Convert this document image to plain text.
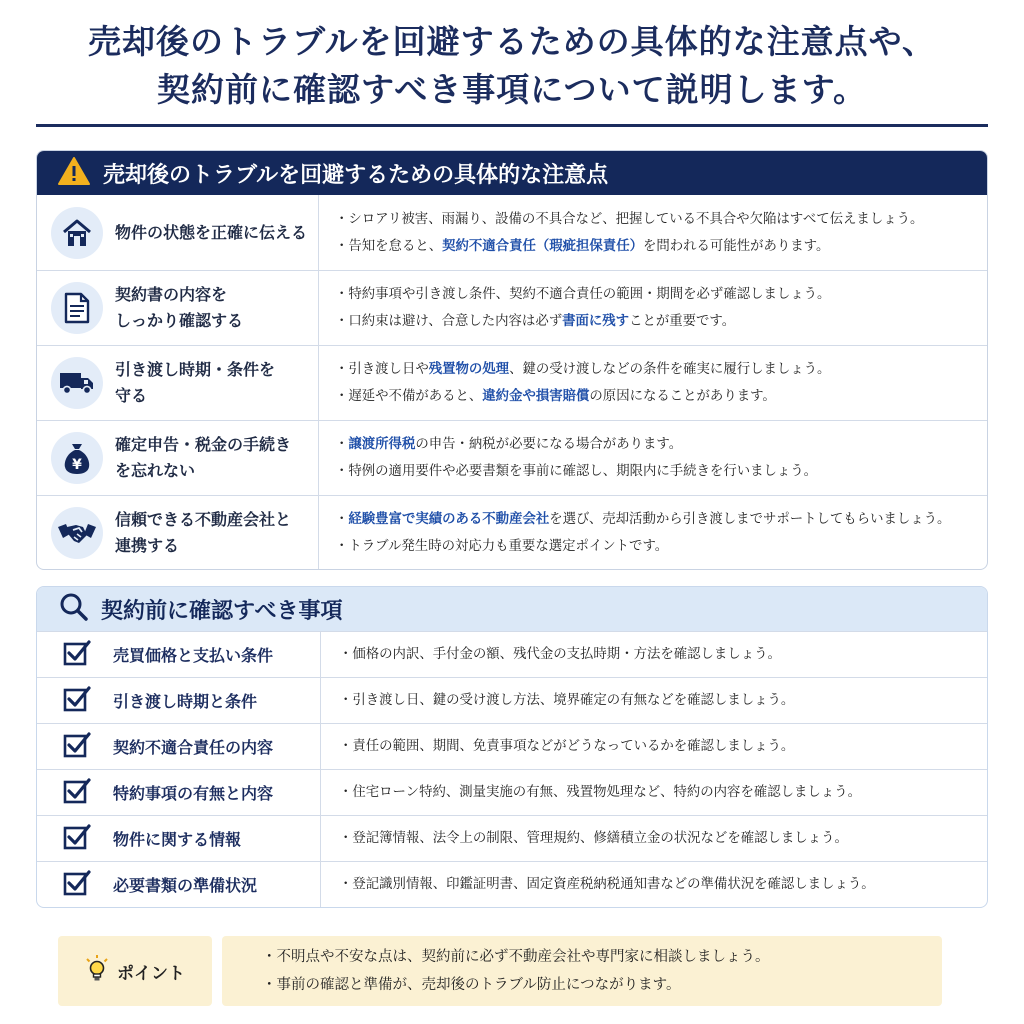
売却後のトラブルを回避するための具体的な注意点や、
契約前に確認すべき事項について説明します。
売却後のトラブルを回避するための具体的な注意点
物件の状態を正確に伝える
・シロアリ被害、雨漏り、設備の不具合など、把握している不具合や欠陥はすべて伝えましょう。
・告知を怠ると、契約不適合責任（瑕疵担保責任）を問われる可能性があります。
契約書の内容を
しっかり確認する
・特約事項や引き渡し条件、契約不適合責任の範囲・期間を必ず確認しましょう。
・口約束は避け、合意した内容は必ず書面に残すことが重要です。
引き渡し時期・条件を
守る
・引き渡し日や残置物の処理、鍵の受け渡しなどの条件を確実に履行しましょう。
・遅延や不備があると、違約金や損害賠償の原因になることがあります。
¥
確定申告・税金の手続き
を忘れない
・譲渡所得税の申告・納税が必要になる場合があります。
・特例の適用要件や必要書類を事前に確認し、期限内に手続きを行いましょう。
信頼できる不動産会社と
連携する
・経験豊富で実績のある不動産会社を選び、売却活動から引き渡しまでサポートしてもらいましょう。
・トラブル発生時の対応力も重要な選定ポイントです。
契約前に確認すべき事項
売買価格と支払い条件	・価格の内訳、手付金の額、残代金の支払時期・方法を確認しましょう。
引き渡し時期と条件	・引き渡し日、鍵の受け渡し方法、境界確定の有無などを確認しましょう。
契約不適合責任の内容	・責任の範囲、期間、免責事項などがどうなっているかを確認しましょう。
特約事項の有無と内容	・住宅ローン特約、測量実施の有無、残置物処理など、特約の内容を確認しましょう。
物件に関する情報	・登記簿情報、法令上の制限、管理規約、修繕積立金の状況などを確認しましょう。
必要書類の準備状況	・登記識別情報、印鑑証明書、固定資産税納税通知書などの準備状況を確認しましょう。
ポイント
・不明点や不安な点は、契約前に必ず不動産会社や専門家に相談しましょう。
・事前の確認と準備が、売却後のトラブル防止につながります。
